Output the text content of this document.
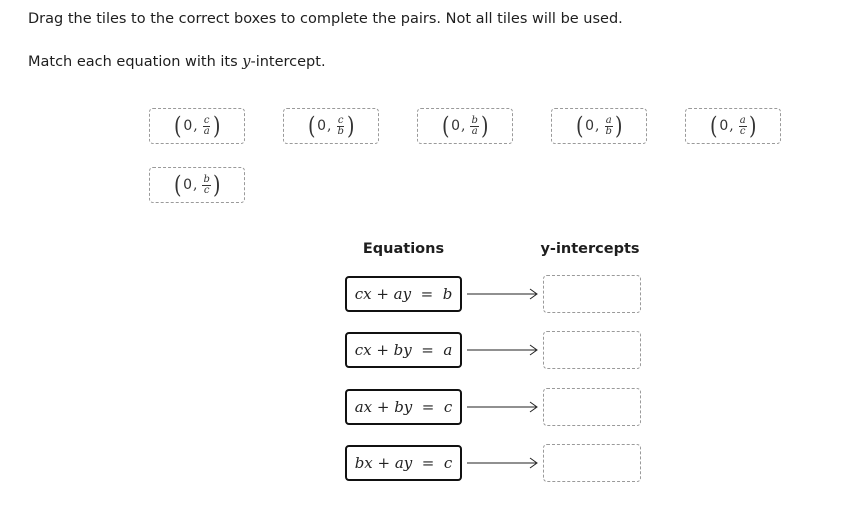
Drag the tiles to the correct boxes to complete the pairs. Not all tiles will be used.
Match each equation with its y-intercept.
( 0 , $\frac{c}{a}$ )	( 0 , $\frac{c}{b}$ )	( 0 , $\frac{b}{a}$ )	( 0 , $\frac{a}{b}$ )	( 0 , $\frac{a}{c}$ )
( 0 , $\frac{b}{c}$ )
Equations	y-intercepts
cx + ay  =  b
cx + by  =  a
ax + by  =  c
bx + ay  =  c
